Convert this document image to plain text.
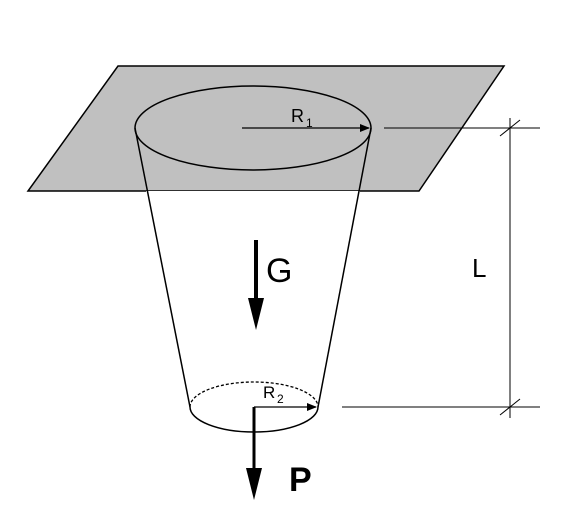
R 1
R 2
L
G
P
